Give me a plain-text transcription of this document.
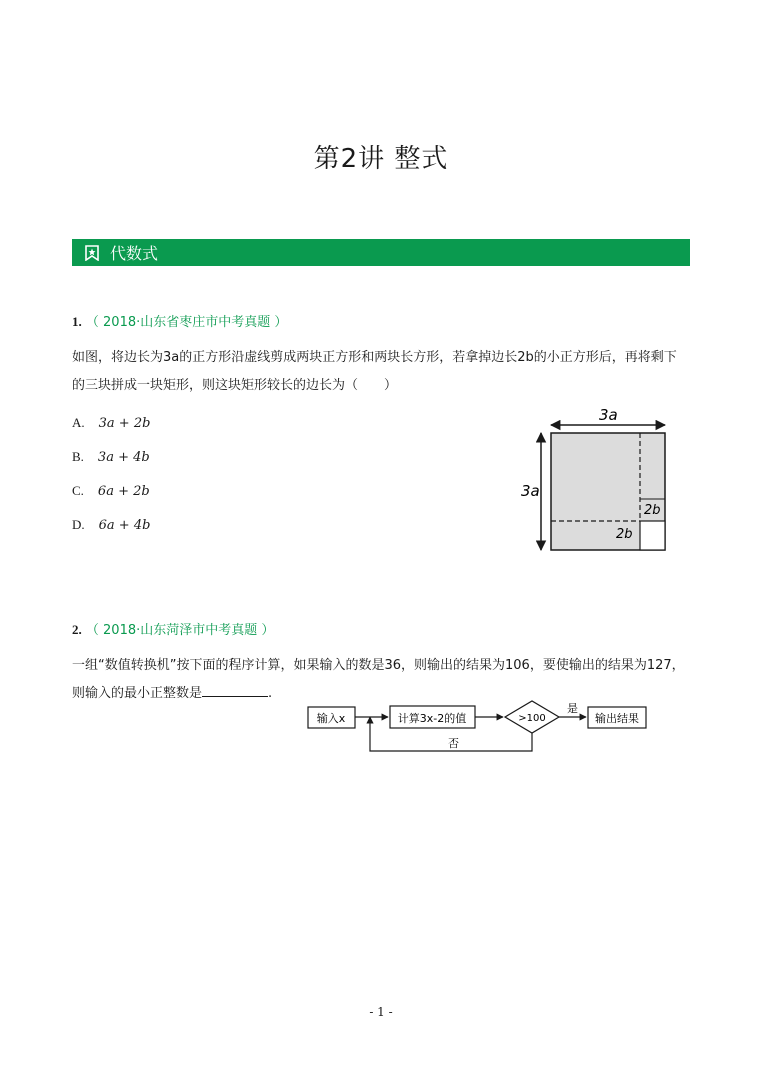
第2讲 整式
代数式
1. （ 2018·山东省枣庄市中考真题 ）
如图，将边长为3a的正方形沿虚线剪成两块正方形和两块长方形，若拿掉边长2b的小正方形后，再将剩下
的三块拼成一块矩形，则这块矩形较长的边长为（　　）
A. 3a + 2b
B. 3a + 4b
C. 6a + 2b
D. 6a + 4b
3a
3a
2b
2b
2. （ 2018·山东菏泽市中考真题 ）
一组“数值转换机”按下面的程序计算，如果输入的数是36，则输出的结果为106，要使输出的结果为127，
则输入的最小正整数是	.
输入x	计算3x-2的值	>100
是
输出结果
否
- 1 -
